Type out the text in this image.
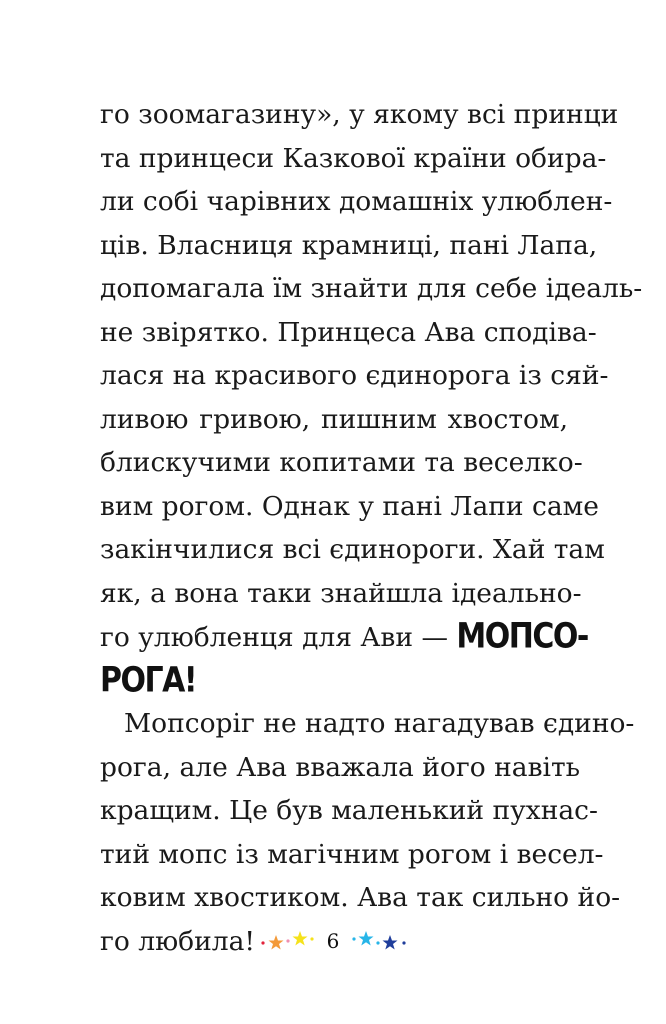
го зоомагазину», у якому всі принци
та принцеси Казкової країни обира-
ли собі чарівних домашніх улюблен-
ців. Власниця крамниці, пані Лапа,
допомагала їм знайти для себе ідеаль-
не звірятко. Принцеса Ава сподіва-
лася на красивого єдинорога із сяй-
ливою гривою, пишним хвостом,
блискучими копитами та веселко-
вим рогом. Однак у пані Лапи саме
закінчилися всі єдинороги. Хай там
як, а вона таки знайшла ідеально-
го улюбленця для Ави — МОПСО-
РОГА!
Мопсоріг не надто нагадував єдино-
рога, але Ава вважала його навіть
кращим. Це був маленький пухнас-
тий мопс із магічним рогом і весел-
ковим хвостиком. Ава так сильно йо-
го любила!	6
